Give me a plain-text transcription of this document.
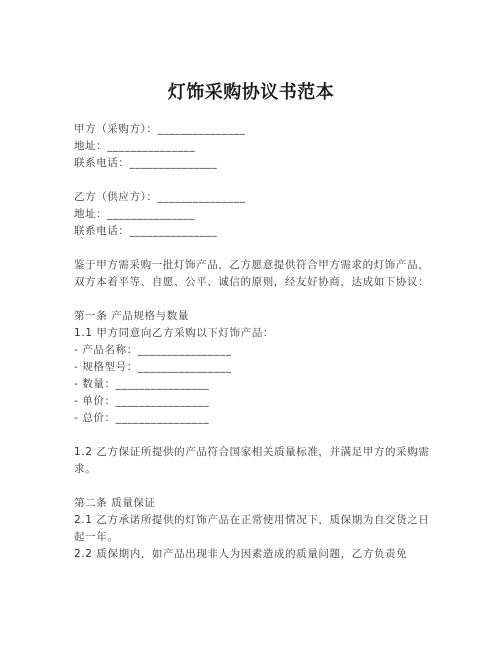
灯饰采购协议书范本
甲方（采购方）：_______________
地址：_______________
联系电话：_______________
乙方（供应方）：_______________
地址：_______________
联系电话：_______________
鉴于甲方需采购一批灯饰产品，乙方愿意提供符合甲方需求的灯饰产品，双方本着平等、自愿、公平、诚信的原则，经友好协商，达成如下协议：
第一条 产品规格与数量
1.1 甲方同意向乙方采购以下灯饰产品：
- 产品名称：________________
- 规格型号：________________
- 数量：________________
- 单价：________________
- 总价：________________
1.2 乙方保证所提供的产品符合国家相关质量标准，并满足甲方的采购需求。
第二条 质量保证
2.1 乙方承诺所提供的灯饰产品在正常使用情况下，质保期为自交货之日起一年。
2.2 质保期内，如产品出现非人为因素造成的质量问题，乙方负责免
